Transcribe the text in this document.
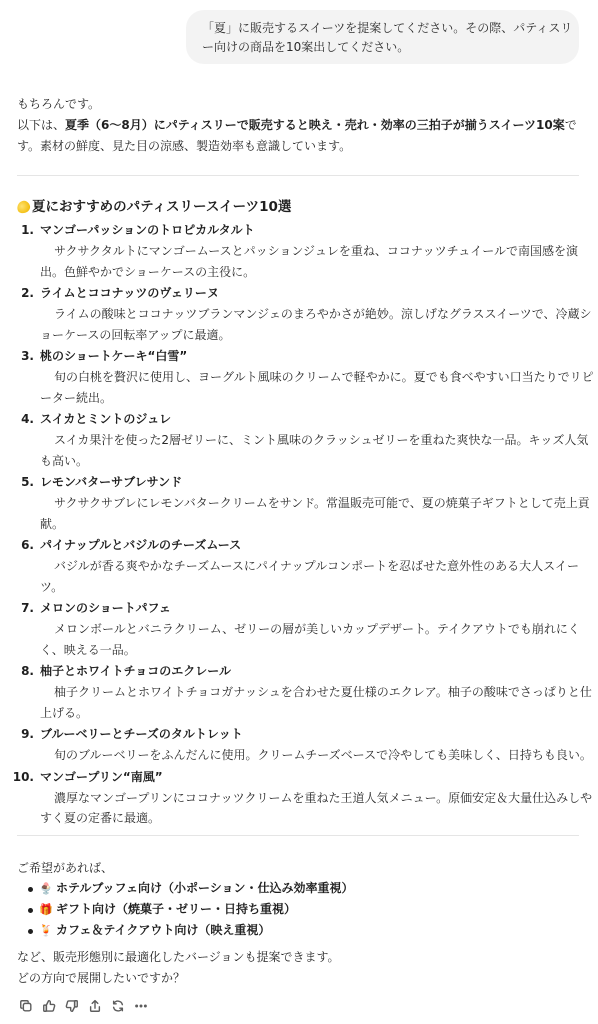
「夏」に販売するスイーツを提案してください。その際、パティスリ
ー向けの商品を10案出してください。
もちろんです。
以下は、夏季（6〜8月）にパティスリーで販売すると映え・売れ・効率の三拍子が揃うスイーツ10案で
す。素材の鮮度、見た目の涼感、製造効率も意識しています。
夏におすすめのパティスリースイーツ10選
1. マンゴーパッションのトロピカルタルト
サクサクタルトにマンゴームースとパッションジュレを重ね、ココナッツチュイールで南国感を演
出。色鮮やかでショーケースの主役に。
2. ライムとココナッツのヴェリーヌ
ライムの酸味とココナッツブランマンジェのまろやかさが絶妙。涼しげなグラススイーツで、冷蔵シ
ョーケースの回転率アップに最適。
3. 桃のショートケーキ“白雪”
旬の白桃を贅沢に使用し、ヨーグルト風味のクリームで軽やかに。夏でも食べやすい口当たりでリピ
ーター続出。
4. スイカとミントのジュレ
スイカ果汁を使った2層ゼリーに、ミント風味のクラッシュゼリーを重ねた爽快な一品。キッズ人気
も高い。
5. レモンバターサブレサンド
サクサクサブレにレモンバタークリームをサンド。常温販売可能で、夏の焼菓子ギフトとして売上貢
献。
6. パイナップルとバジルのチーズムース
バジルが香る爽やかなチーズムースにパイナップルコンポートを忍ばせた意外性のある大人スイー
ツ。
7. メロンのショートパフェ
メロンボールとバニラクリーム、ゼリーの層が美しいカップデザート。テイクアウトでも崩れにく
く、映える一品。
8. 柚子とホワイトチョコのエクレール
柚子クリームとホワイトチョコガナッシュを合わせた夏仕様のエクレア。柚子の酸味でさっぱりと仕
上げる。
9. ブルーベリーとチーズのタルトレット
旬のブルーベリーをふんだんに使用。クリームチーズベースで冷やしても美味しく、日持ちも良い。
10. マンゴープリン“南風”
濃厚なマンゴープリンにココナッツクリームを重ねた王道人気メニュー。原価安定＆大量仕込みしや
すく夏の定番に最適。
ご希望があれば、
🍨 ホテルブッフェ向け（小ポーション・仕込み効率重視）
🎁 ギフト向け（焼菓子・ゼリー・日持ち重視）
🍹 カフェ＆テイクアウト向け（映え重視）
など、販売形態別に最適化したバージョンも提案できます。
どの方向で展開したいですか？
